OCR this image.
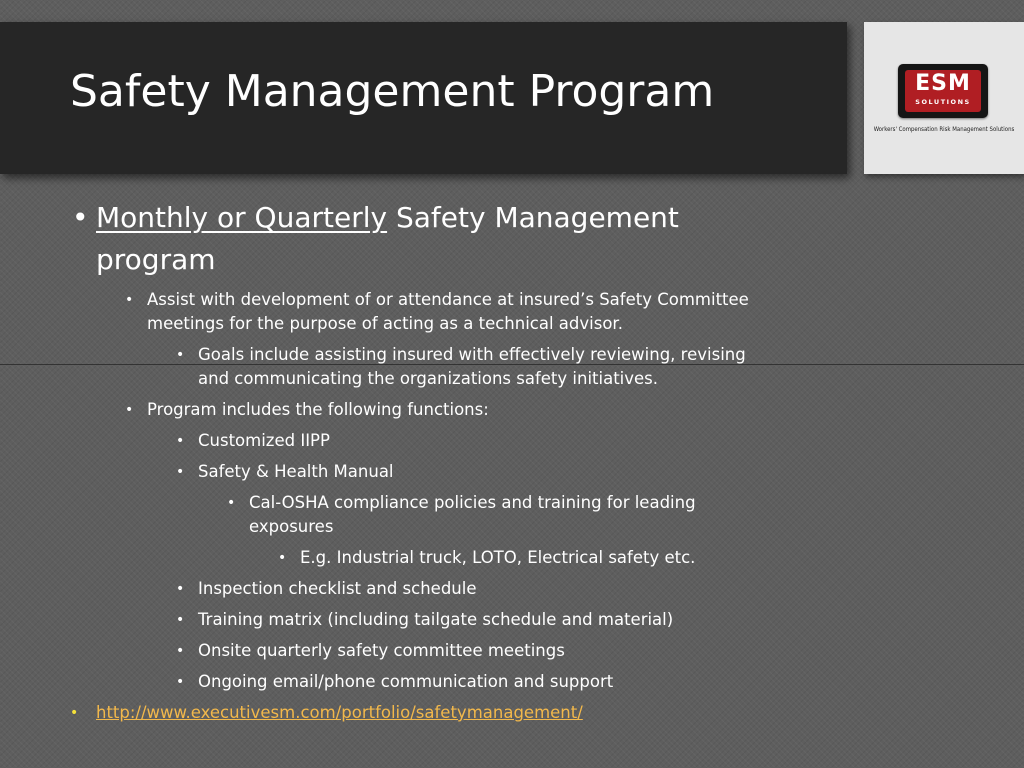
Safety Management Program	ESM
SOLUTIONS
Workers' Compensation Risk Management Solutions
• Monthly or Quarterly Safety Management
program
• Assist with development of or attendance at insured’s Safety Committee
meetings for the purpose of acting as a technical advisor.
• Goals include assisting insured with effectively reviewing, revising
and communicating the organizations safety initiatives.
• Program includes the following functions:
• Customized IIPP
• Safety & Health Manual
• Cal-OSHA compliance policies and training for leading
exposures
• E.g. Industrial truck, LOTO, Electrical safety etc.
• Inspection checklist and schedule
• Training matrix (including tailgate schedule and material)
• Onsite quarterly safety committee meetings
• Ongoing email/phone communication and support
• http://www.executivesm.com/portfolio/safetymanagement/
